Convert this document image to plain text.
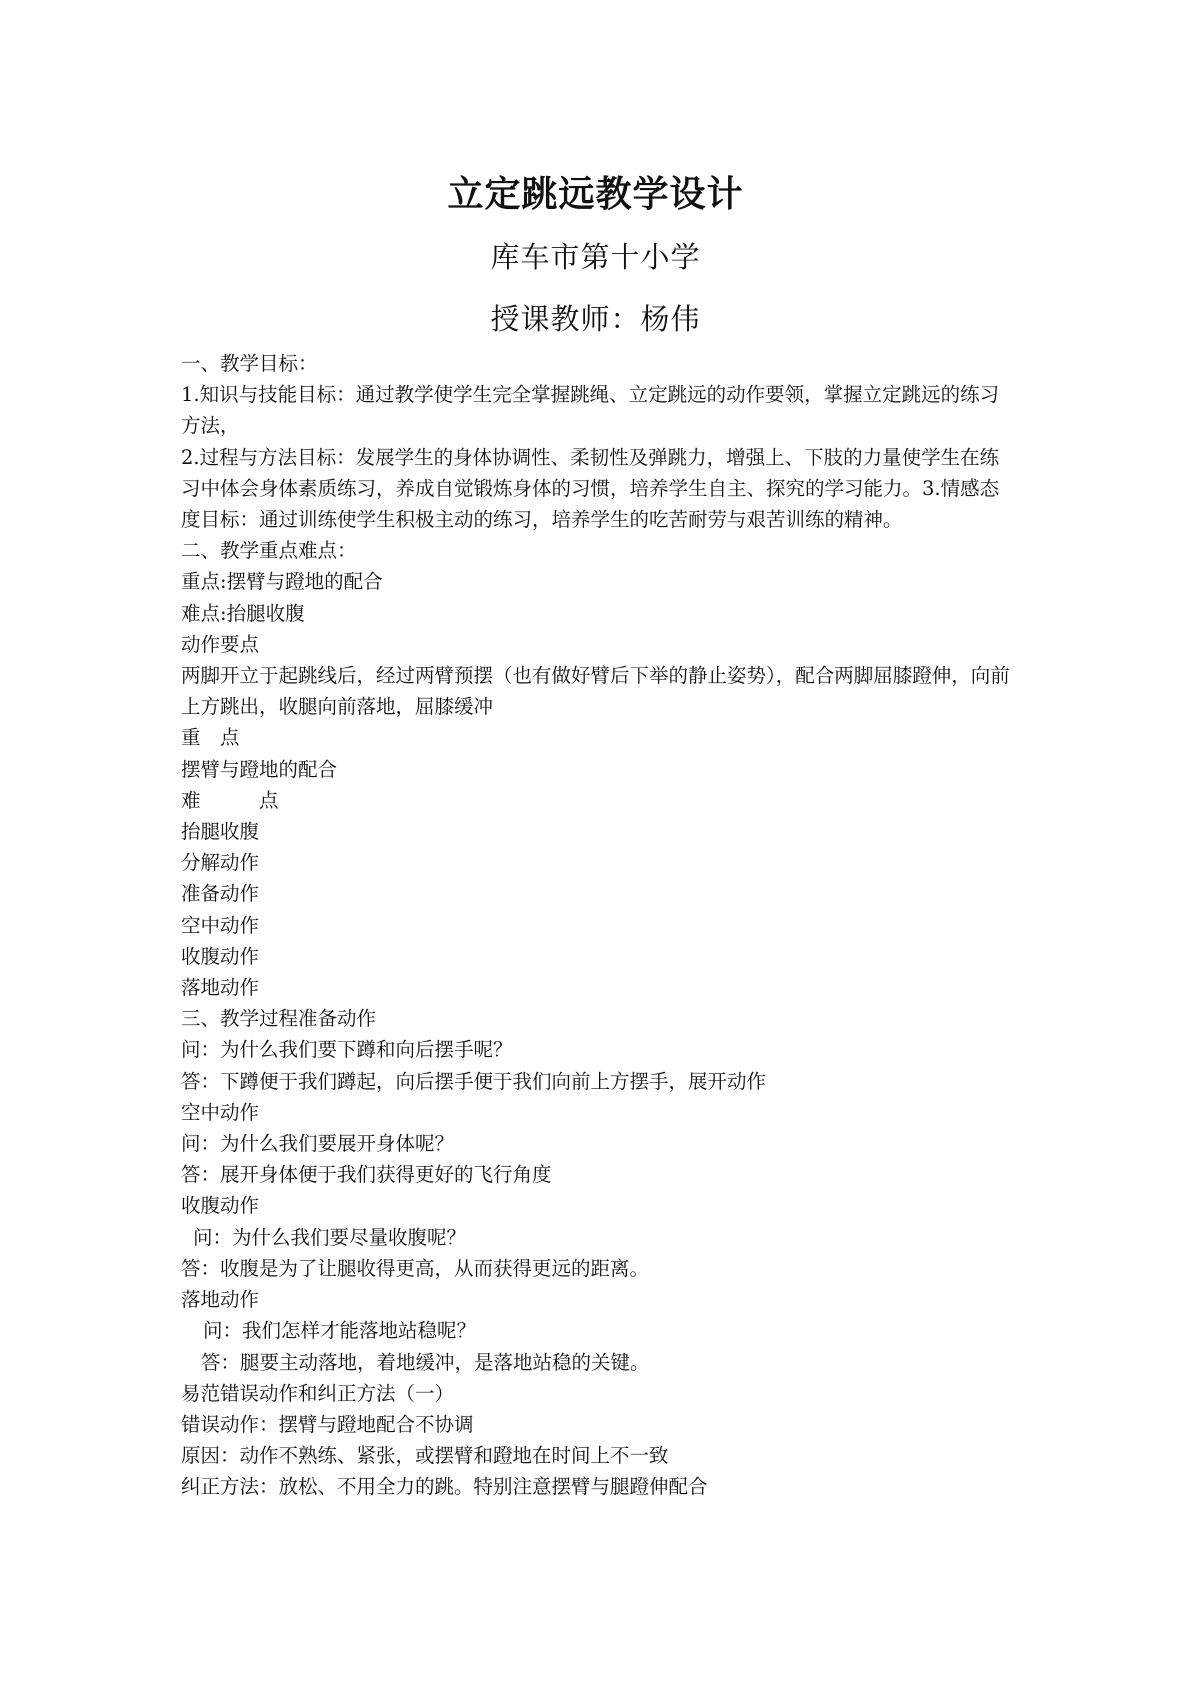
立定跳远教学设计
库车市第十小学
授课教师：杨伟

一、教学目标：

1.知识与技能目标：通过教学使学生完全掌握跳绳、立定跳远的动作要领，掌握立定跳远的练习方法，

2.过程与方法目标：发展学生的身体协调性、柔韧性及弹跳力，增强上、下肢的力量使学生在练习中体会身体素质练习，养成自觉锻炼身体的习惯，培养学生自主、探究的学习能力。3.情感态度目标：通过训练使学生积极主动的练习，培养学生的吃苦耐劳与艰苦训练的精神。

二、教学重点难点：

重点:摆臂与蹬地的配合

难点:抬腿收腹

动作要点

两脚开立于起跳线后，经过两臂预摆（也有做好臂后下举的静止姿势），配合两脚屈膝蹬伸，向前上方跳出，收腿向前落地，屈膝缓冲

重　点

摆臂与蹬地的配合

难　　　点

抬腿收腹

分解动作

准备动作

空中动作

收腹动作

落地动作

三、教学过程准备动作

问：为什么我们要下蹲和向后摆手呢？

答：下蹲便于我们蹲起，向后摆手便于我们向前上方摆手，展开动作

空中动作

问：为什么我们要展开身体呢？

答：展开身体便于我们获得更好的飞行角度

收腹动作

问：为什么我们要尽量收腹呢？

答：收腹是为了让腿收得更高，从而获得更远的距离。

落地动作

问：我们怎样才能落地站稳呢？

答：腿要主动落地，着地缓冲，是落地站稳的关键。

易范错误动作和纠正方法（一）

错误动作：摆臂与蹬地配合不协调

原因：动作不熟练、紧张，或摆臂和蹬地在时间上不一致

纠正方法：放松、不用全力的跳。特别注意摆臂与腿蹬伸配合
